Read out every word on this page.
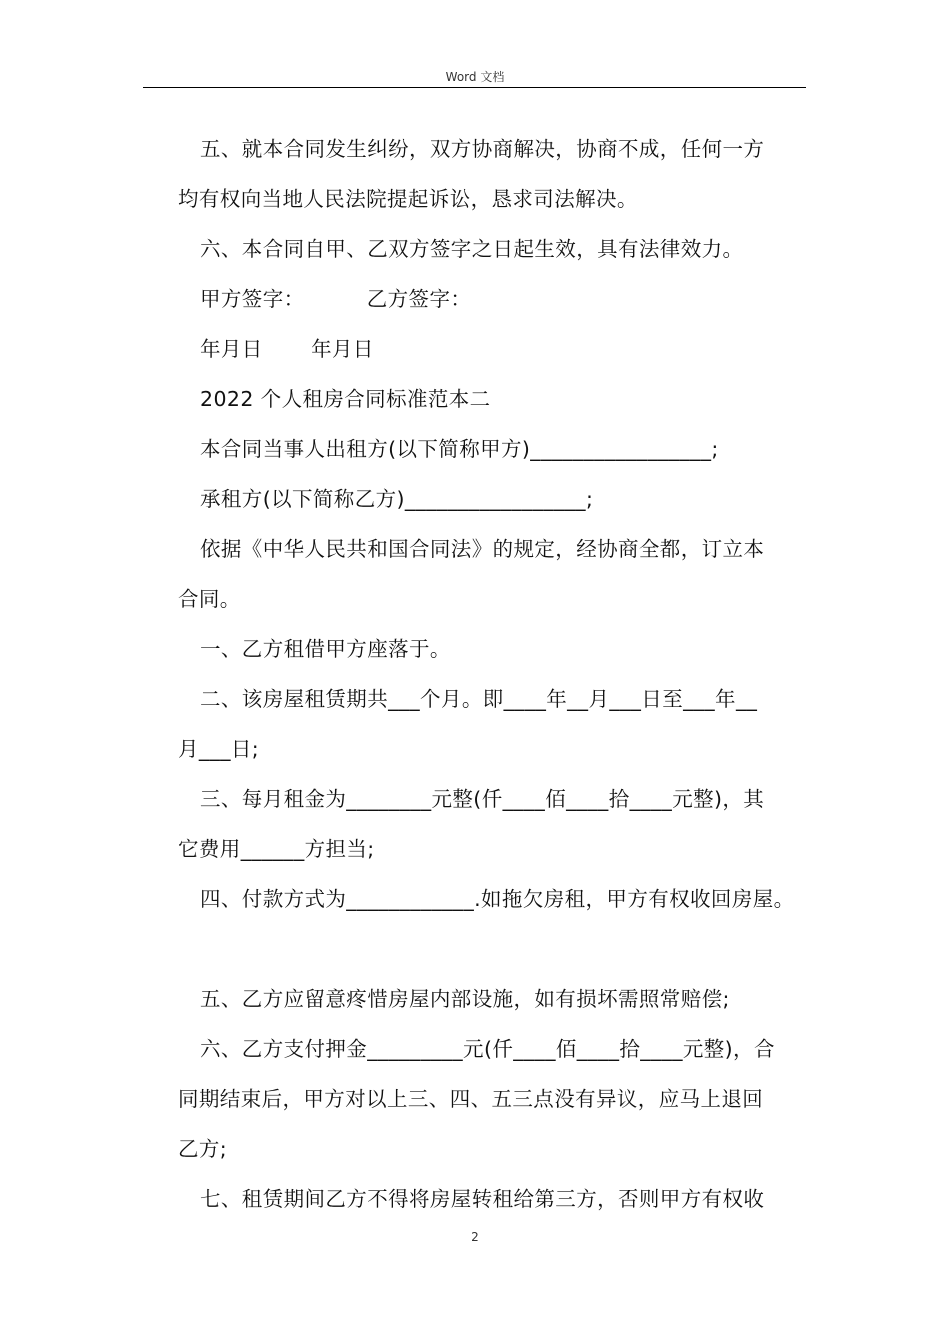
Word 文档
五、就本合同发生纠纷，双方协商解决，协商不成，任何一方
均有权向当地人民法院提起诉讼，恳求司法解决。
六、本合同自甲、乙双方签字之日起生效，具有法律效力。
甲方签字：         乙方签字：
年月日       年月日
2022 个人租房合同标准范本二
本合同当事人出租方(以下简称甲方)_________________;
承租方(以下简称乙方)_________________;
依据《中华人民共和国合同法》的规定，经协商全都，订立本
合同。
一、乙方租借甲方座落于。
二、该房屋租赁期共___个月。即____年__月___日至___年__
月___日;
三、每月租金为________元整(仟____佰____拾____元整)，其
它费用______方担当;
四、付款方式为____________.如拖欠房租，甲方有权收回房屋。
五、乙方应留意疼惜房屋内部设施，如有损坏需照常赔偿;
六、乙方支付押金_________元(仟____佰____拾____元整)，合
同期结束后，甲方对以上三、四、五三点没有异议，应马上退回
乙方;
七、租赁期间乙方不得将房屋转租给第三方，否则甲方有权收
2
